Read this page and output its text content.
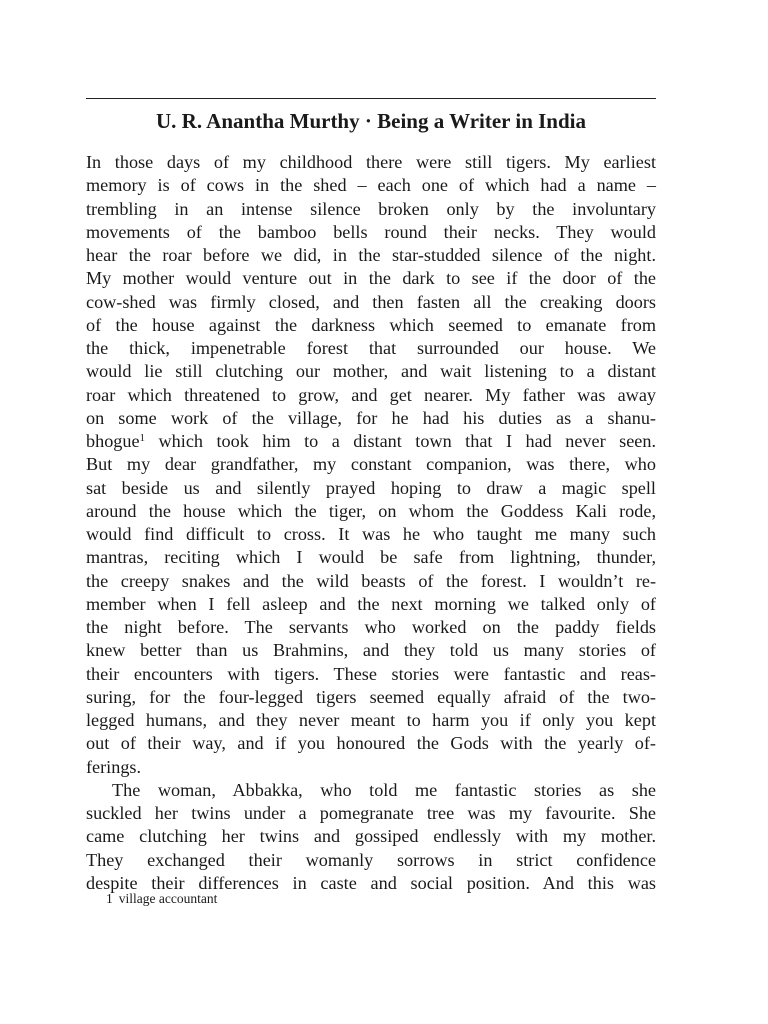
U. R. Anantha Murthy · Being a Writer in India

In those days of my childhood there were still tigers. My earliest

memory is of cows in the shed – each one of which had a name –

trembling in an intense silence broken only by the involuntary

movements of the bamboo bells round their necks. They would

hear the roar before we did, in the star-studded silence of the night.

My mother would venture out in the dark to see if the door of the

cow-shed was firmly closed, and then fasten all the creaking doors

of the house against the darkness which seemed to emanate from

the thick, impenetrable forest that surrounded our house. We

would lie still clutching our mother, and wait listening to a distant

roar which threatened to grow, and get nearer. My father was away

on some work of the village, for he had his duties as a shanu-

bhogue$^1$ which took him to a distant town that I had never seen.

But my dear grandfather, my constant companion, was there, who

sat beside us and silently prayed hoping to draw a magic spell

around the house which the tiger, on whom the Goddess Kali rode,

would find difficult to cross. It was he who taught me many such

mantras, reciting which I would be safe from lightning, thunder,

the creepy snakes and the wild beasts of the forest. I wouldn’t re-

member when I fell asleep and the next morning we talked only of

the night before. The servants who worked on the paddy fields

knew better than us Brahmins, and they told us many stories of

their encounters with tigers. These stories were fantastic and reas-

suring, for the four-legged tigers seemed equally afraid of the two-

legged humans, and they never meant to harm you if only you kept

out of their way, and if you honoured the Gods with the yearly of-

ferings.

The woman, Abbakka, who told me fantastic stories as she

suckled her twins under a pomegranate tree was my favourite. She

came clutching her twins and gossiped endlessly with my mother.

They exchanged their womanly sorrows in strict confidence

despite their differences in caste and social position. And this was

1 village accountant
